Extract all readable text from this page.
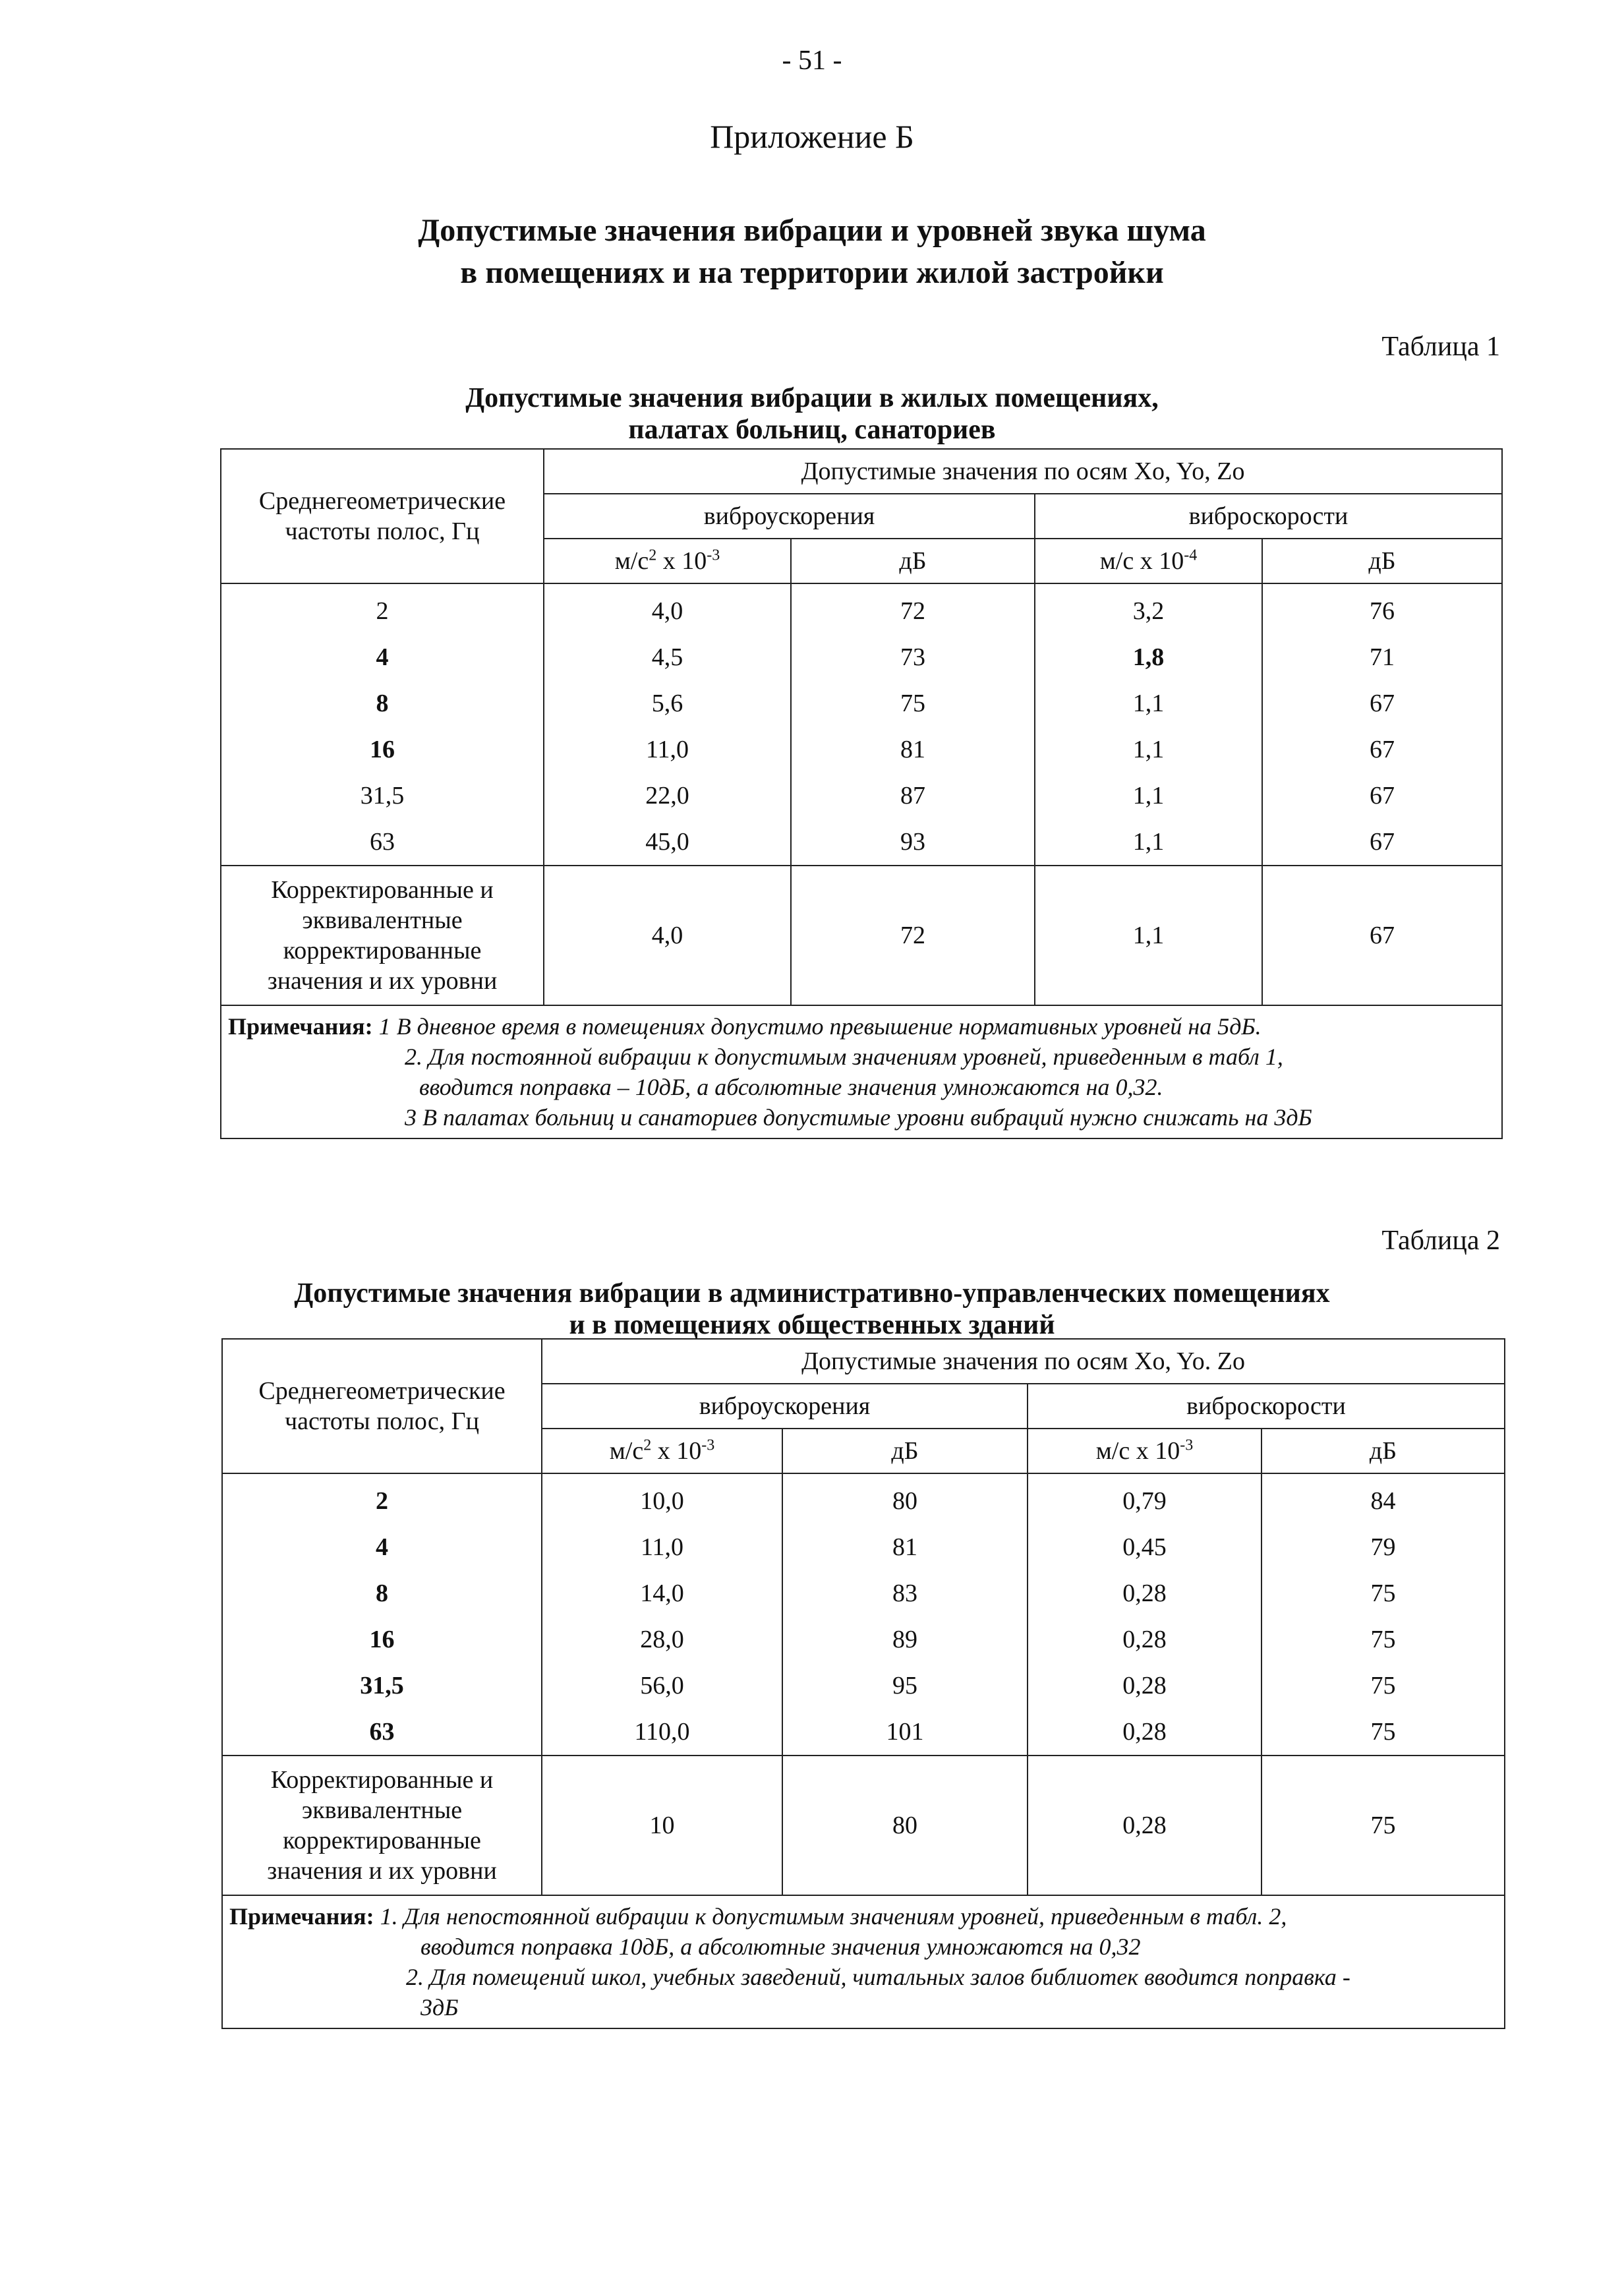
- 51 -
Приложение Б
Допустимые значения вибрации и уровней звука шума
в помещениях и на территории жилой застройки
Таблица 1
Допустимые значения вибрации в жилых помещениях,
палатах больниц, санаториев
Среднегеометрические частоты полос, Гц	Допустимые значения по осям Xo, Yo, Zo			
	виброускорения		виброскорости	
	$м/с^2$ x $10^{-3}$	дБ	м/с x $10^{-4}$	дБ
2	4,0	72	3,2	76
4	4,5	73	1,8	71
8	5,6	75	1,1	67
16	11,0	81	1,1	67
31,5	22,0	87	1,1	67
63	45,0	93	1,1	67
Корректированные и эквивалентные корректированные значения и их уровни	4,0	72	1,1	67
Примечания: 1 В дневное время в помещениях допустимо превышение нормативных уровней на 5дБ.
2. Для постоянной вибрации к допустимым значениям уровней, приведенным в табл 1,
вводится поправка – 10дБ, а абсолютные значения умножаются на 0,32.
3 В палатах больниц и санаториев допустимые уровни вибраций нужно снижать на 3дБ				
Таблица 2
Допустимые значения вибрации в административно-управленческих помещениях
и в помещениях общественных зданий
Среднегеометрические частоты полос, Гц	Допустимые значения по осям Xo, Yo. Zo			
	виброускорения		виброскорости	
	$м/с^2$ x $10^{-3}$	дБ	м/с x $10^{-3}$	дБ
2	10,0	80	0,79	84
4	11,0	81	0,45	79
8	14,0	83	0,28	75
16	28,0	89	0,28	75
31,5	56,0	95	0,28	75
63	110,0	101	0,28	75
Корректированные и эквивалентные корректированные значения и их уровни	10	80	0,28	75
Примечания: 1. Для непостоянной вибрации к допустимым значениям уровней, приведенным в табл. 2,
вводится поправка 10дБ, а абсолютные значения умножаются на 0,32
2. Для помещений школ, учебных заведений, читальных залов библиотек вводится поправка -
3дБ				
